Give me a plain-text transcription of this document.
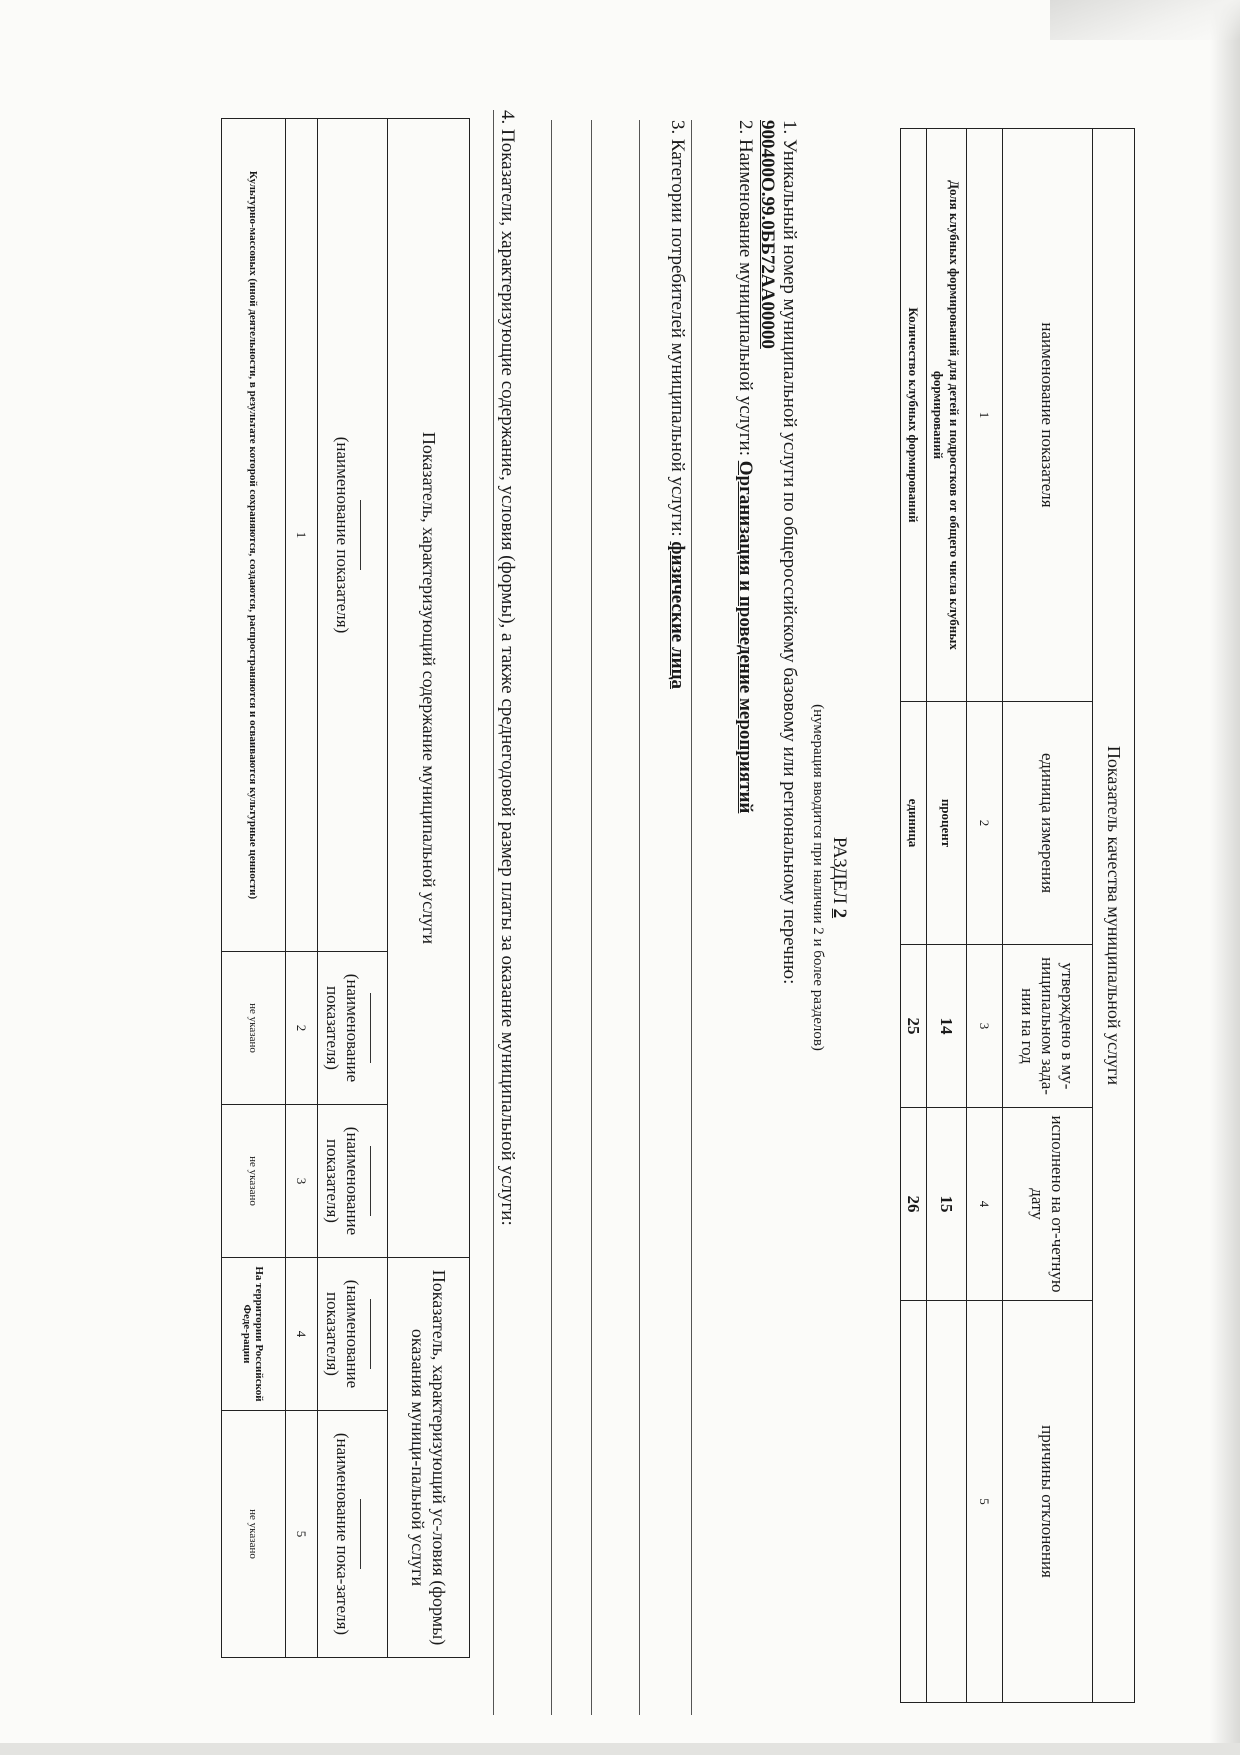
Показатель качества муниципальной услуги				
наименование показателя	единица измерения	утверждено в му-ниципальном зада-нии на год	исполнено на от-четную дату	причины отклонения
1	2	3	4	5
Доля клубных формирований для детей и подростков от общего числа клубных формирований	процент	14	15	
Количество клубных формирований	единица	25	26	
РАЗДЕЛ 2
(нумерация вводится при наличии 2 и более разделов)
1. Уникальный номер муниципальной услуги по общероссийскому базовому или региональному перечню:
900400О.99.0ББ72АА00000
2. Наименование муниципальной услуги: Организация и проведение мероприятий
3. Категории потребителей муниципальной услуги: физические лица
4. Показатели, характеризующие содержание, условия (формы), а также среднегодовой размер платы за оказание муниципальной услуги:
Показатель, характеризующий содержание муниципальной услуги			Показатель, характеризующий ус-ловия (формы) оказания муници-пальной услуги	

(наименование показателя)	(наименование показателя)	(наименование показателя)	(наименование показателя)	(наименование пока-зателя)
1	2	3	4	5
Культурно-массовых (иной деятельности, в результате которой сохраняются, создаются, распространяются и осваиваются культурные ценности)	не указано	не указано	На территории Российской Феде-рации	не указано
